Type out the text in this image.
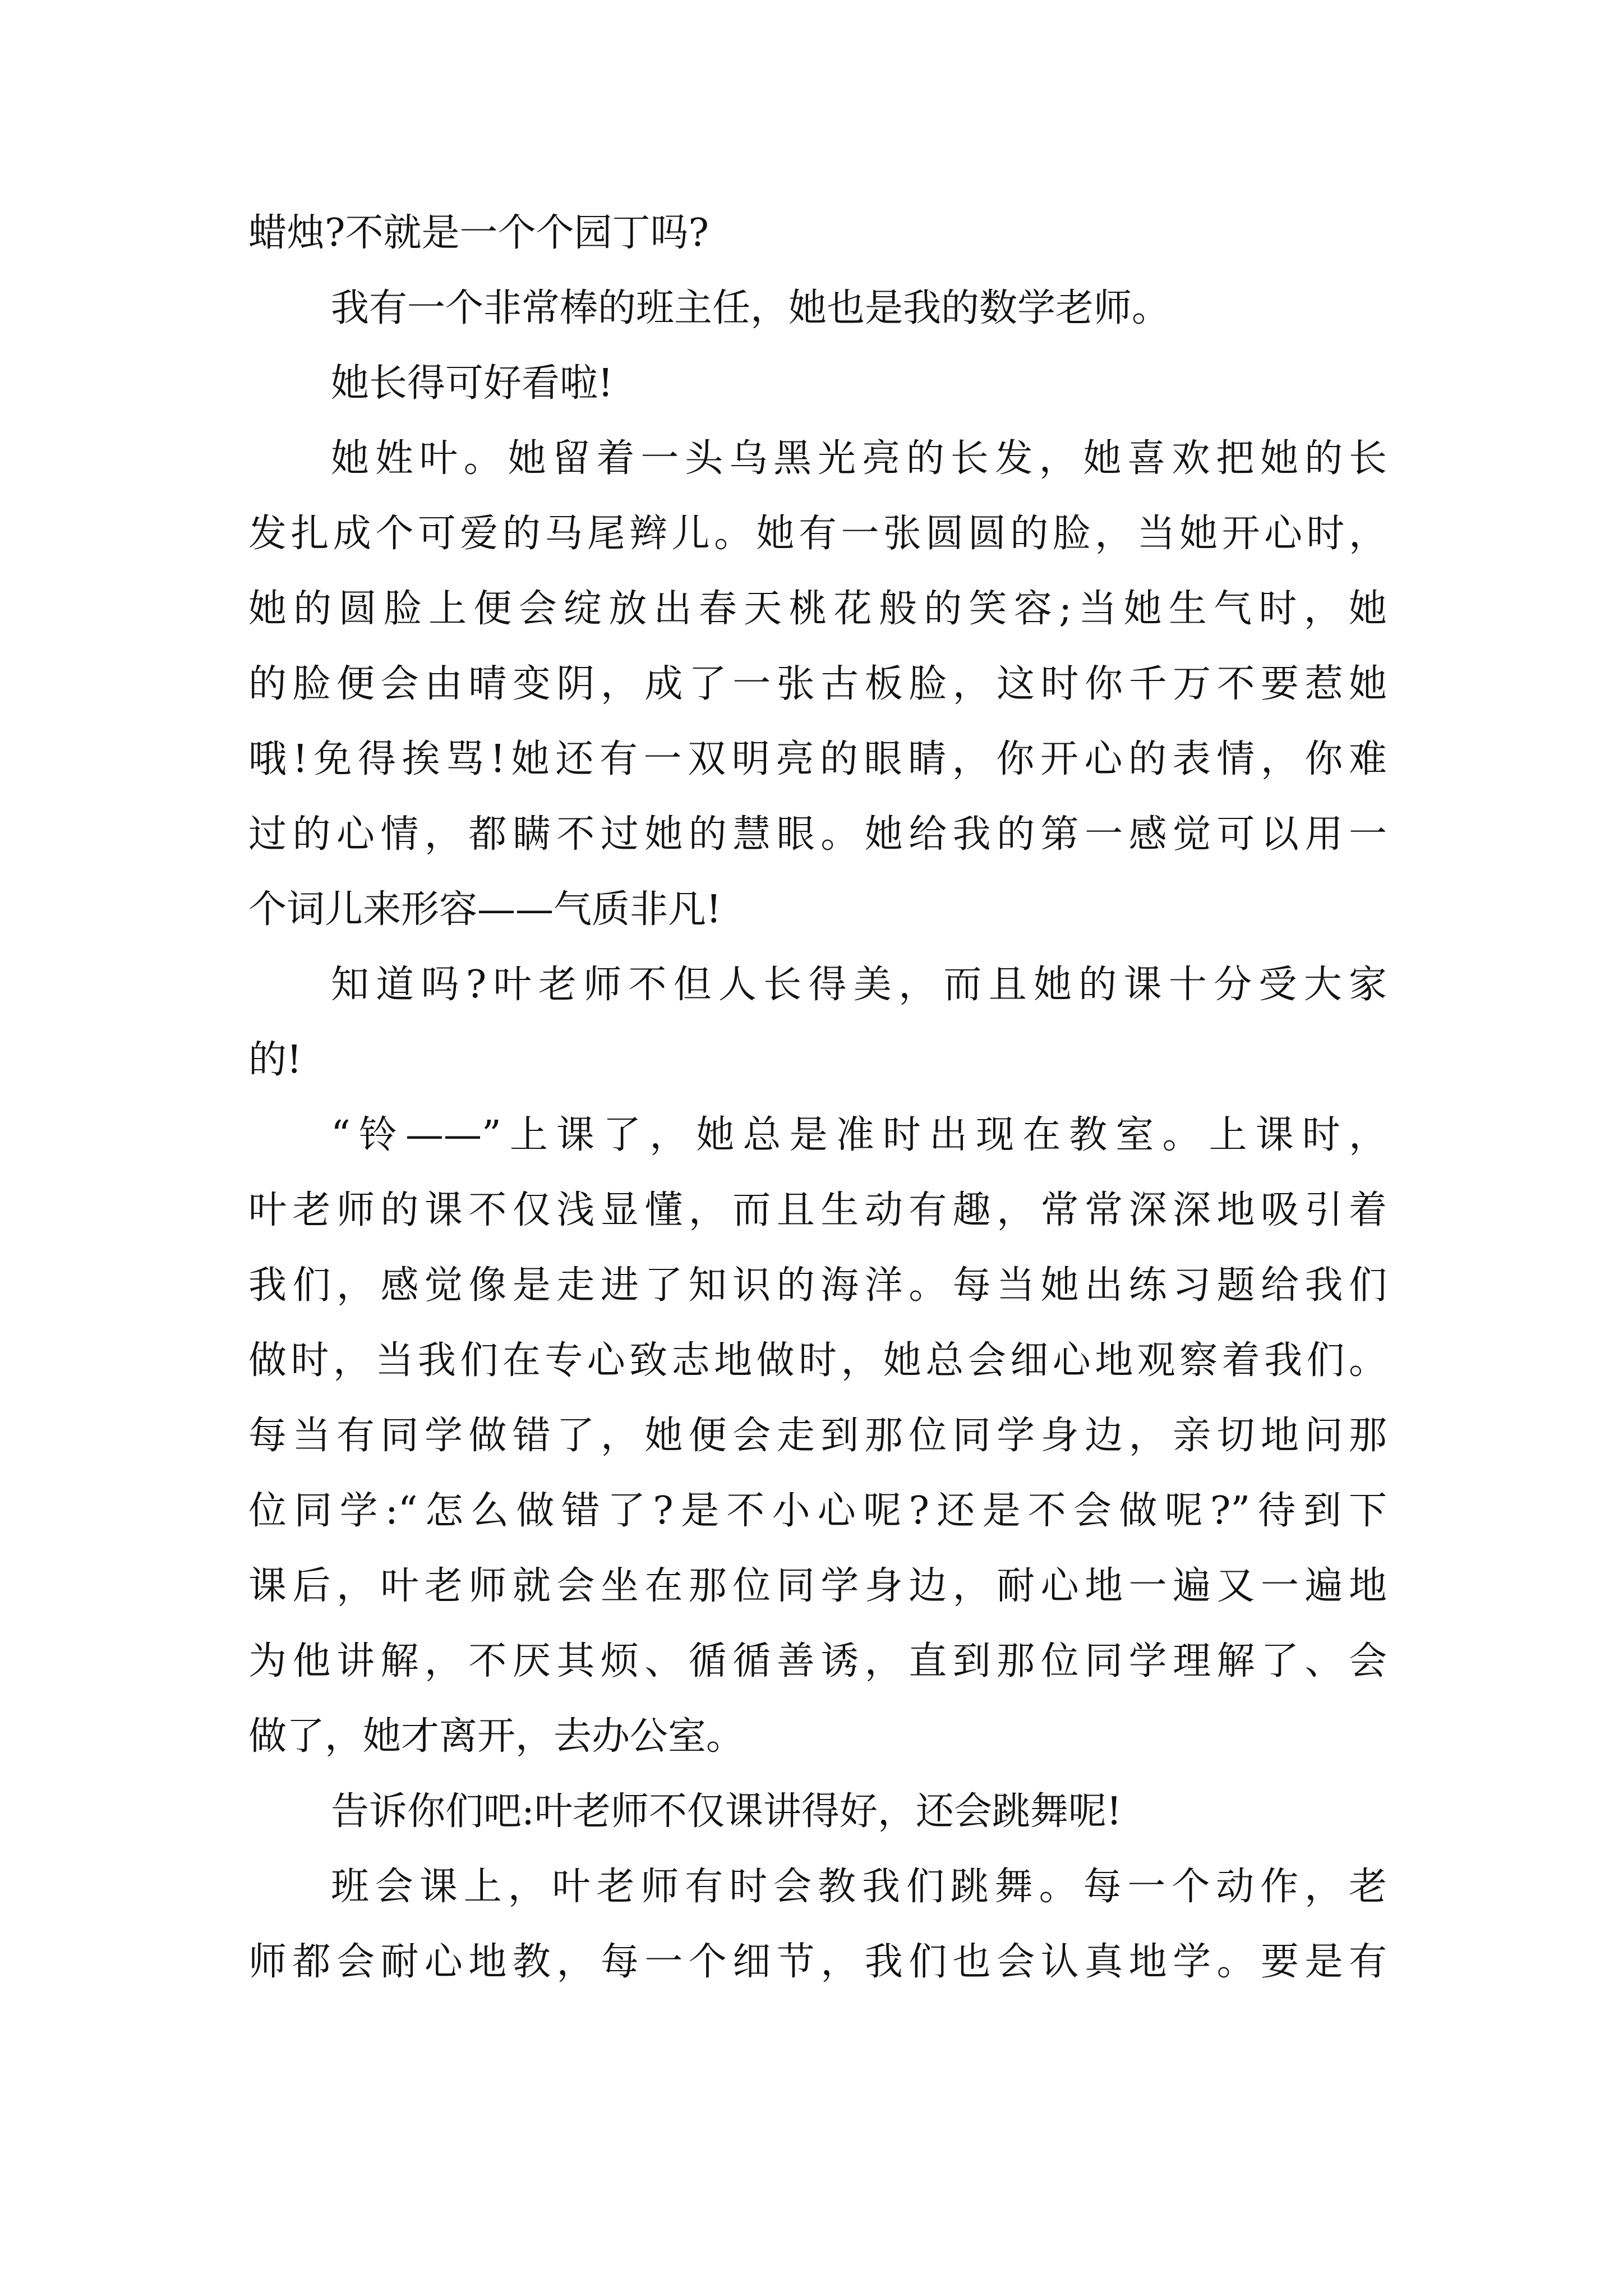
蜡烛?不就是一个个园丁吗?

我有一个非常棒的班主任，她也是我的数学老师。

她长得可好看啦!

她姓叶。她留着一头乌黑光亮的长发，她喜欢把她的长

发扎成个可爱的马尾辫儿。她有一张圆圆的脸，当她开心时，

她的圆脸上便会绽放出春天桃花般的笑容;当她生气时，她

的脸便会由晴变阴，成了一张古板脸，这时你千万不要惹她

哦!免得挨骂!她还有一双明亮的眼睛，你开心的表情，你难

过的心情，都瞒不过她的慧眼。她给我的第一感觉可以用一

个词儿来形容——气质非凡!

知道吗?叶老师不但人长得美，而且她的课十分受大家

的!

“铃——”上课了，她总是准时出现在教室。上课时，

叶老师的课不仅浅显懂，而且生动有趣，常常深深地吸引着

我们，感觉像是走进了知识的海洋。每当她出练习题给我们

做时，当我们在专心致志地做时，她总会细心地观察着我们。

每当有同学做错了，她便会走到那位同学身边，亲切地问那

位同学:“怎么做错了?是不小心呢?还是不会做呢?”待到下

课后，叶老师就会坐在那位同学身边，耐心地一遍又一遍地

为他讲解，不厌其烦、循循善诱，直到那位同学理解了、会

做了，她才离开，去办公室。

告诉你们吧:叶老师不仅课讲得好，还会跳舞呢!

班会课上，叶老师有时会教我们跳舞。每一个动作，老

师都会耐心地教，每一个细节，我们也会认真地学。要是有
